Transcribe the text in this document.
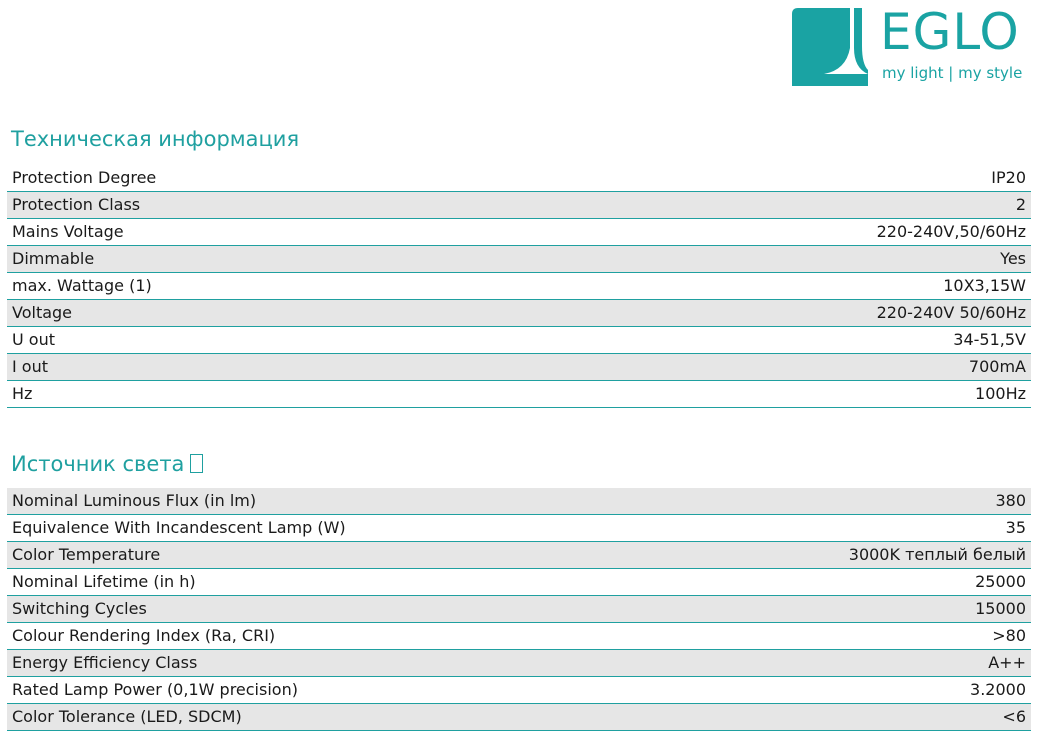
EGLO
my light | my style
Техническая информация
Protection Degree	IP20
Protection Class	2
Mains Voltage	220-240V,50/60Hz
Dimmable	Yes
max. Wattage (1)	10X3,15W
Voltage	220-240V 50/60Hz
U out	34-51,5V
I out	700mA
Hz	100Hz
Источник света
Nominal Luminous Flux (in lm)	380
Equivalence With Incandescent Lamp (W)	35
Color Temperature	3000K теплый белый
Nominal Lifetime (in h)	25000
Switching Cycles	15000
Colour Rendering Index (Ra, CRI)	>80
Energy Efficiency Class	A++
Rated Lamp Power (0,1W precision)	3.2000
Color Tolerance (LED, SDCM)	<6
